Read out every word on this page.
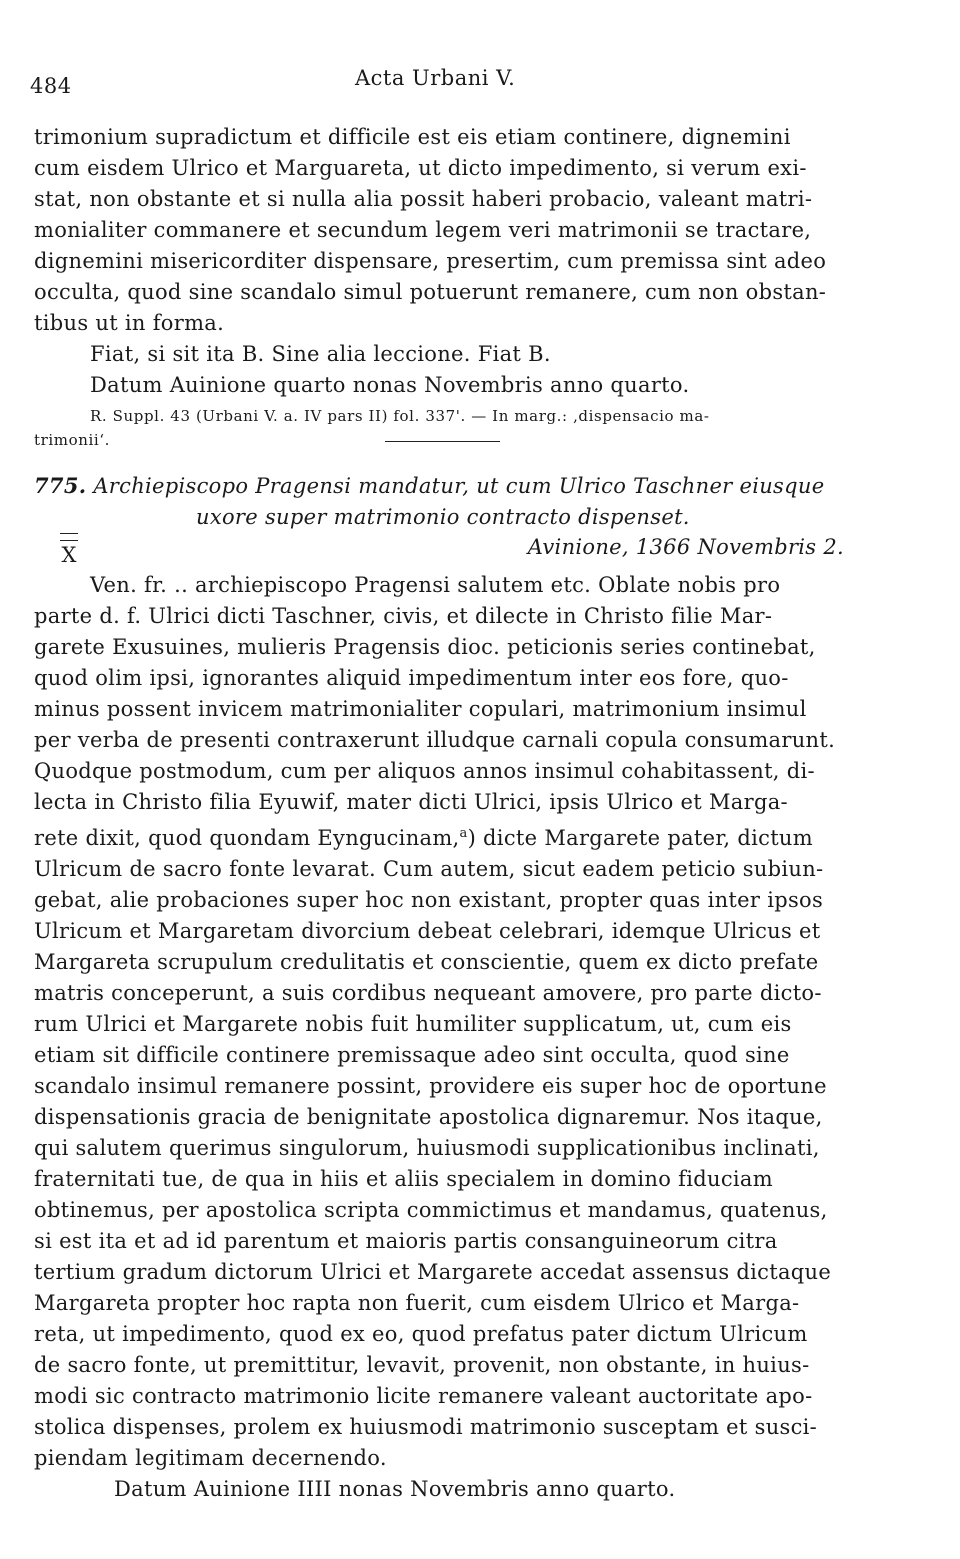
484	Acta Urbani V.
trimonium supradictum et difficile est eis etiam continere, dignemini
cum eisdem Ulrico et Marguareta, ut dicto impedimento, si verum exi-
stat, non obstante et si nulla alia possit haberi probacio, valeant matri-
monialiter commanere et secundum legem veri matrimonii se tractare,
dignemini misericorditer dispensare, presertim, cum premissa sint adeo
occulta, quod sine scandalo simul potuerunt remanere, cum non obstan-
tibus ut in forma.
Fiat, si sit ita B. Sine alia leccione. Fiat B.
Datum Auinione quarto nonas Novembris anno quarto.
R. Suppl. 43 (Urbani V. a. IV pars II) fol. 337'. — In marg.: ‚dispensacio ma-
trimonii‘.
775. Archiepiscopo Pragensi mandatur, ut cum Ulrico Taschner eiusque
uxore super matrimonio contracto dispenset.
X	Avinione, 1366 Novembris 2.
Ven. fr. .. archiepiscopo Pragensi salutem etc. Oblate nobis pro
parte d. f. Ulrici dicti Taschner, civis, et dilecte in Christo filie Mar-
garete Exusuines, mulieris Pragensis dioc. peticionis series continebat,
quod olim ipsi, ignorantes aliquid impedimentum inter eos fore, quo-
minus possent invicem matrimonialiter copulari, matrimonium insimul
per verba de presenti contraxerunt illudque carnali copula consumarunt.
Quodque postmodum, cum per aliquos annos insimul cohabitassent, di-
lecta in Christo filia Eyuwif, mater dicti Ulrici, ipsis Ulrico et Marga-
rete dixit, quod quondam Eyngucinam,$^a$) dicte Margarete pater, dictum
Ulricum de sacro fonte levarat. Cum autem, sicut eadem peticio subiun-
gebat, alie probaciones super hoc non existant, propter quas inter ipsos
Ulricum et Margaretam divorcium debeat celebrari, idemque Ulricus et
Margareta scrupulum credulitatis et conscientie, quem ex dicto prefate
matris conceperunt, a suis cordibus nequeant amovere, pro parte dicto-
rum Ulrici et Margarete nobis fuit humiliter supplicatum, ut, cum eis
etiam sit difficile continere premissaque adeo sint occulta, quod sine
scandalo insimul remanere possint, providere eis super hoc de oportune
dispensationis gracia de benignitate apostolica dignaremur. Nos itaque,
qui salutem querimus singulorum, huiusmodi supplicationibus inclinati,
fraternitati tue, de qua in hiis et aliis specialem in domino fiduciam
obtinemus, per apostolica scripta commictimus et mandamus, quatenus,
si est ita et ad id parentum et maioris partis consanguineorum citra
tertium gradum dictorum Ulrici et Margarete accedat assensus dictaque
Margareta propter hoc rapta non fuerit, cum eisdem Ulrico et Marga-
reta, ut impedimento, quod ex eo, quod prefatus pater dictum Ulricum
de sacro fonte, ut premittitur, levavit, provenit, non obstante, in huius-
modi sic contracto matrimonio licite remanere valeant auctoritate apo-
stolica dispenses, prolem ex huiusmodi matrimonio susceptam et susci-
piendam legitimam decernendo.
Datum Auinione IIII nonas Novembris anno quarto.
